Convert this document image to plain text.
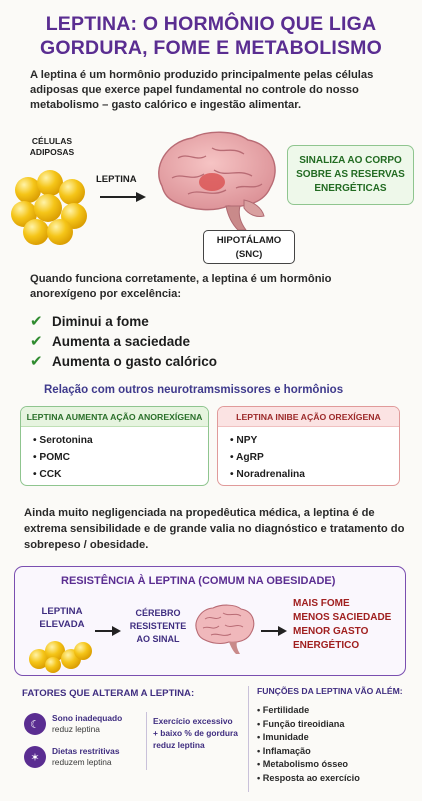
LEPTINA: O HORMÔNIO QUE LIGA
GORDURA, FOME E METABOLISMO
A leptina é um hormônio produzido principalmente pelas células adiposas que exerce papel fundamental no controle do nosso metabolismo – gasto calórico e ingestão alimentar.
CÉLULAS
ADIPOSAS
LEPTINA
SINALIZA AO CORPO SOBRE AS RESERVAS ENERGÉTICAS
HIPOTÁLAMO
(SNC)
Quando funciona corretamente, a leptina é um hormônio
anorexígeno por excelência:
✔ Diminui a fome
✔ Aumenta a saciedade
✔ Aumenta o gasto calórico
Relação com outros neurotramsmissores e hormônios
LEPTINA AUMENTA AÇÃO ANOREXÍGENA
• Serotonina
• POMC
• CCK
LEPTINA INIBE AÇÃO OREXÍGENA
• NPY
• AgRP
• Noradrenalina
Ainda muito negligenciada na propedêutica médica, a leptina é de extrema sensibilidade e de grande valia no diagnóstico e tratamento do sobrepeso / obesidade.
RESISTÊNCIA À LEPTINA (COMUM NA OBESIDADE)
LEPTINA
ELEVADA
CÉREBRO
RESISTENTE
AO SINAL
MAIS FOME
MENOS SACIEDADE
MENOR GASTO
ENERGÉTICO
FATORES QUE ALTERAM A LEPTINA:
☾
Sono inadequado
reduz leptina
✶
Dietas restritivas
reduzem leptina
Exercício excessivo
+ baixo % de gordura
reduz leptina
FUNÇÕES DA LEPTINA VÃO ALÉM:
• Fertilidade
• Função tireoidiana
• Imunidade
• Inflamação
• Metabolismo ósseo
• Resposta ao exercício
